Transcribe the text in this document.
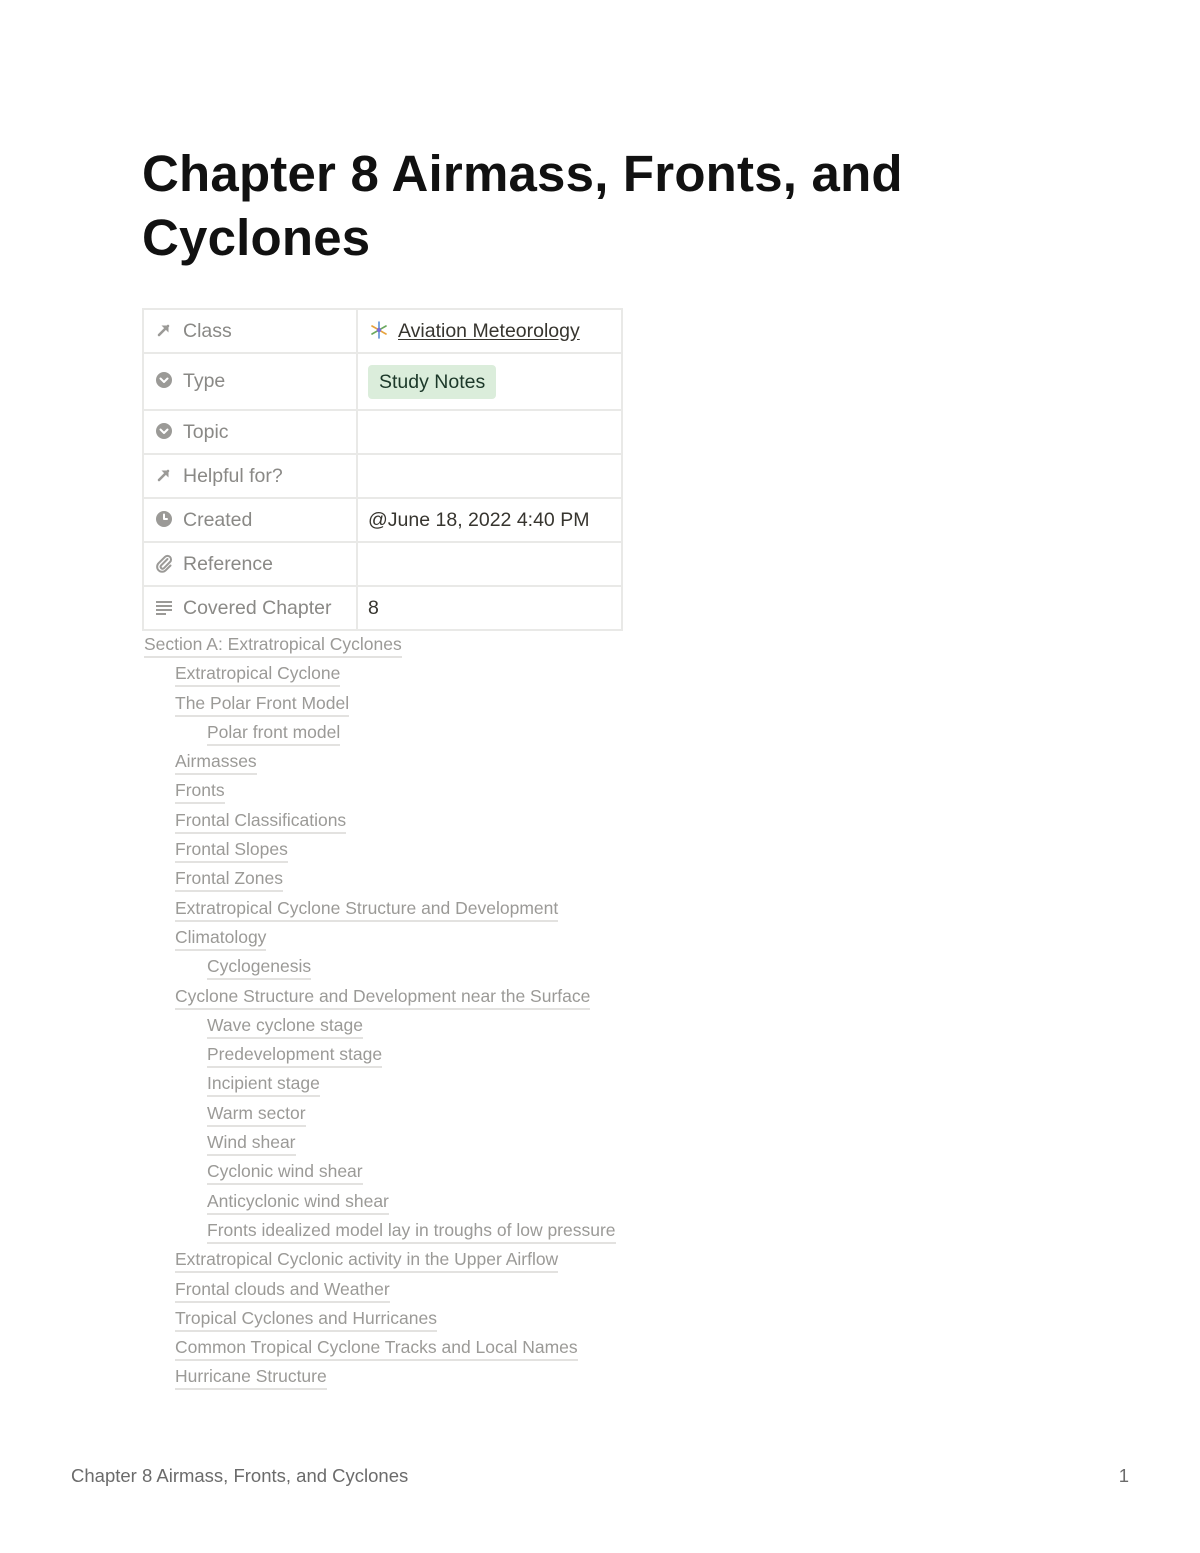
Chapter 8 Airmass, Fronts, and Cyclones
Class	Aviation Meteorology

Type	Study Notes

Topic	

Helpful for?	

Created	@June 18, 2022 4:40 PM

Reference	

Covered Chapter	8
Section A: Extratropical Cyclones
Extratropical Cyclone
The Polar Front Model
Polar front model
Airmasses
Fronts
Frontal Classifications
Frontal Slopes
Frontal Zones
Extratropical Cyclone Structure and Development
Climatology
Cyclogenesis
Cyclone Structure and Development near the Surface
Wave cyclone stage
Predevelopment stage
Incipient stage
Warm sector
Wind shear
Cyclonic wind shear
Anticyclonic wind shear
Fronts idealized model lay in troughs of low pressure
Extratropical Cyclonic activity in the Upper Airflow
Frontal clouds and Weather
Tropical Cyclones and Hurricanes
Common Tropical Cyclone Tracks and Local Names
Hurricane Structure
Chapter 8 Airmass, Fronts, and Cyclones	1
